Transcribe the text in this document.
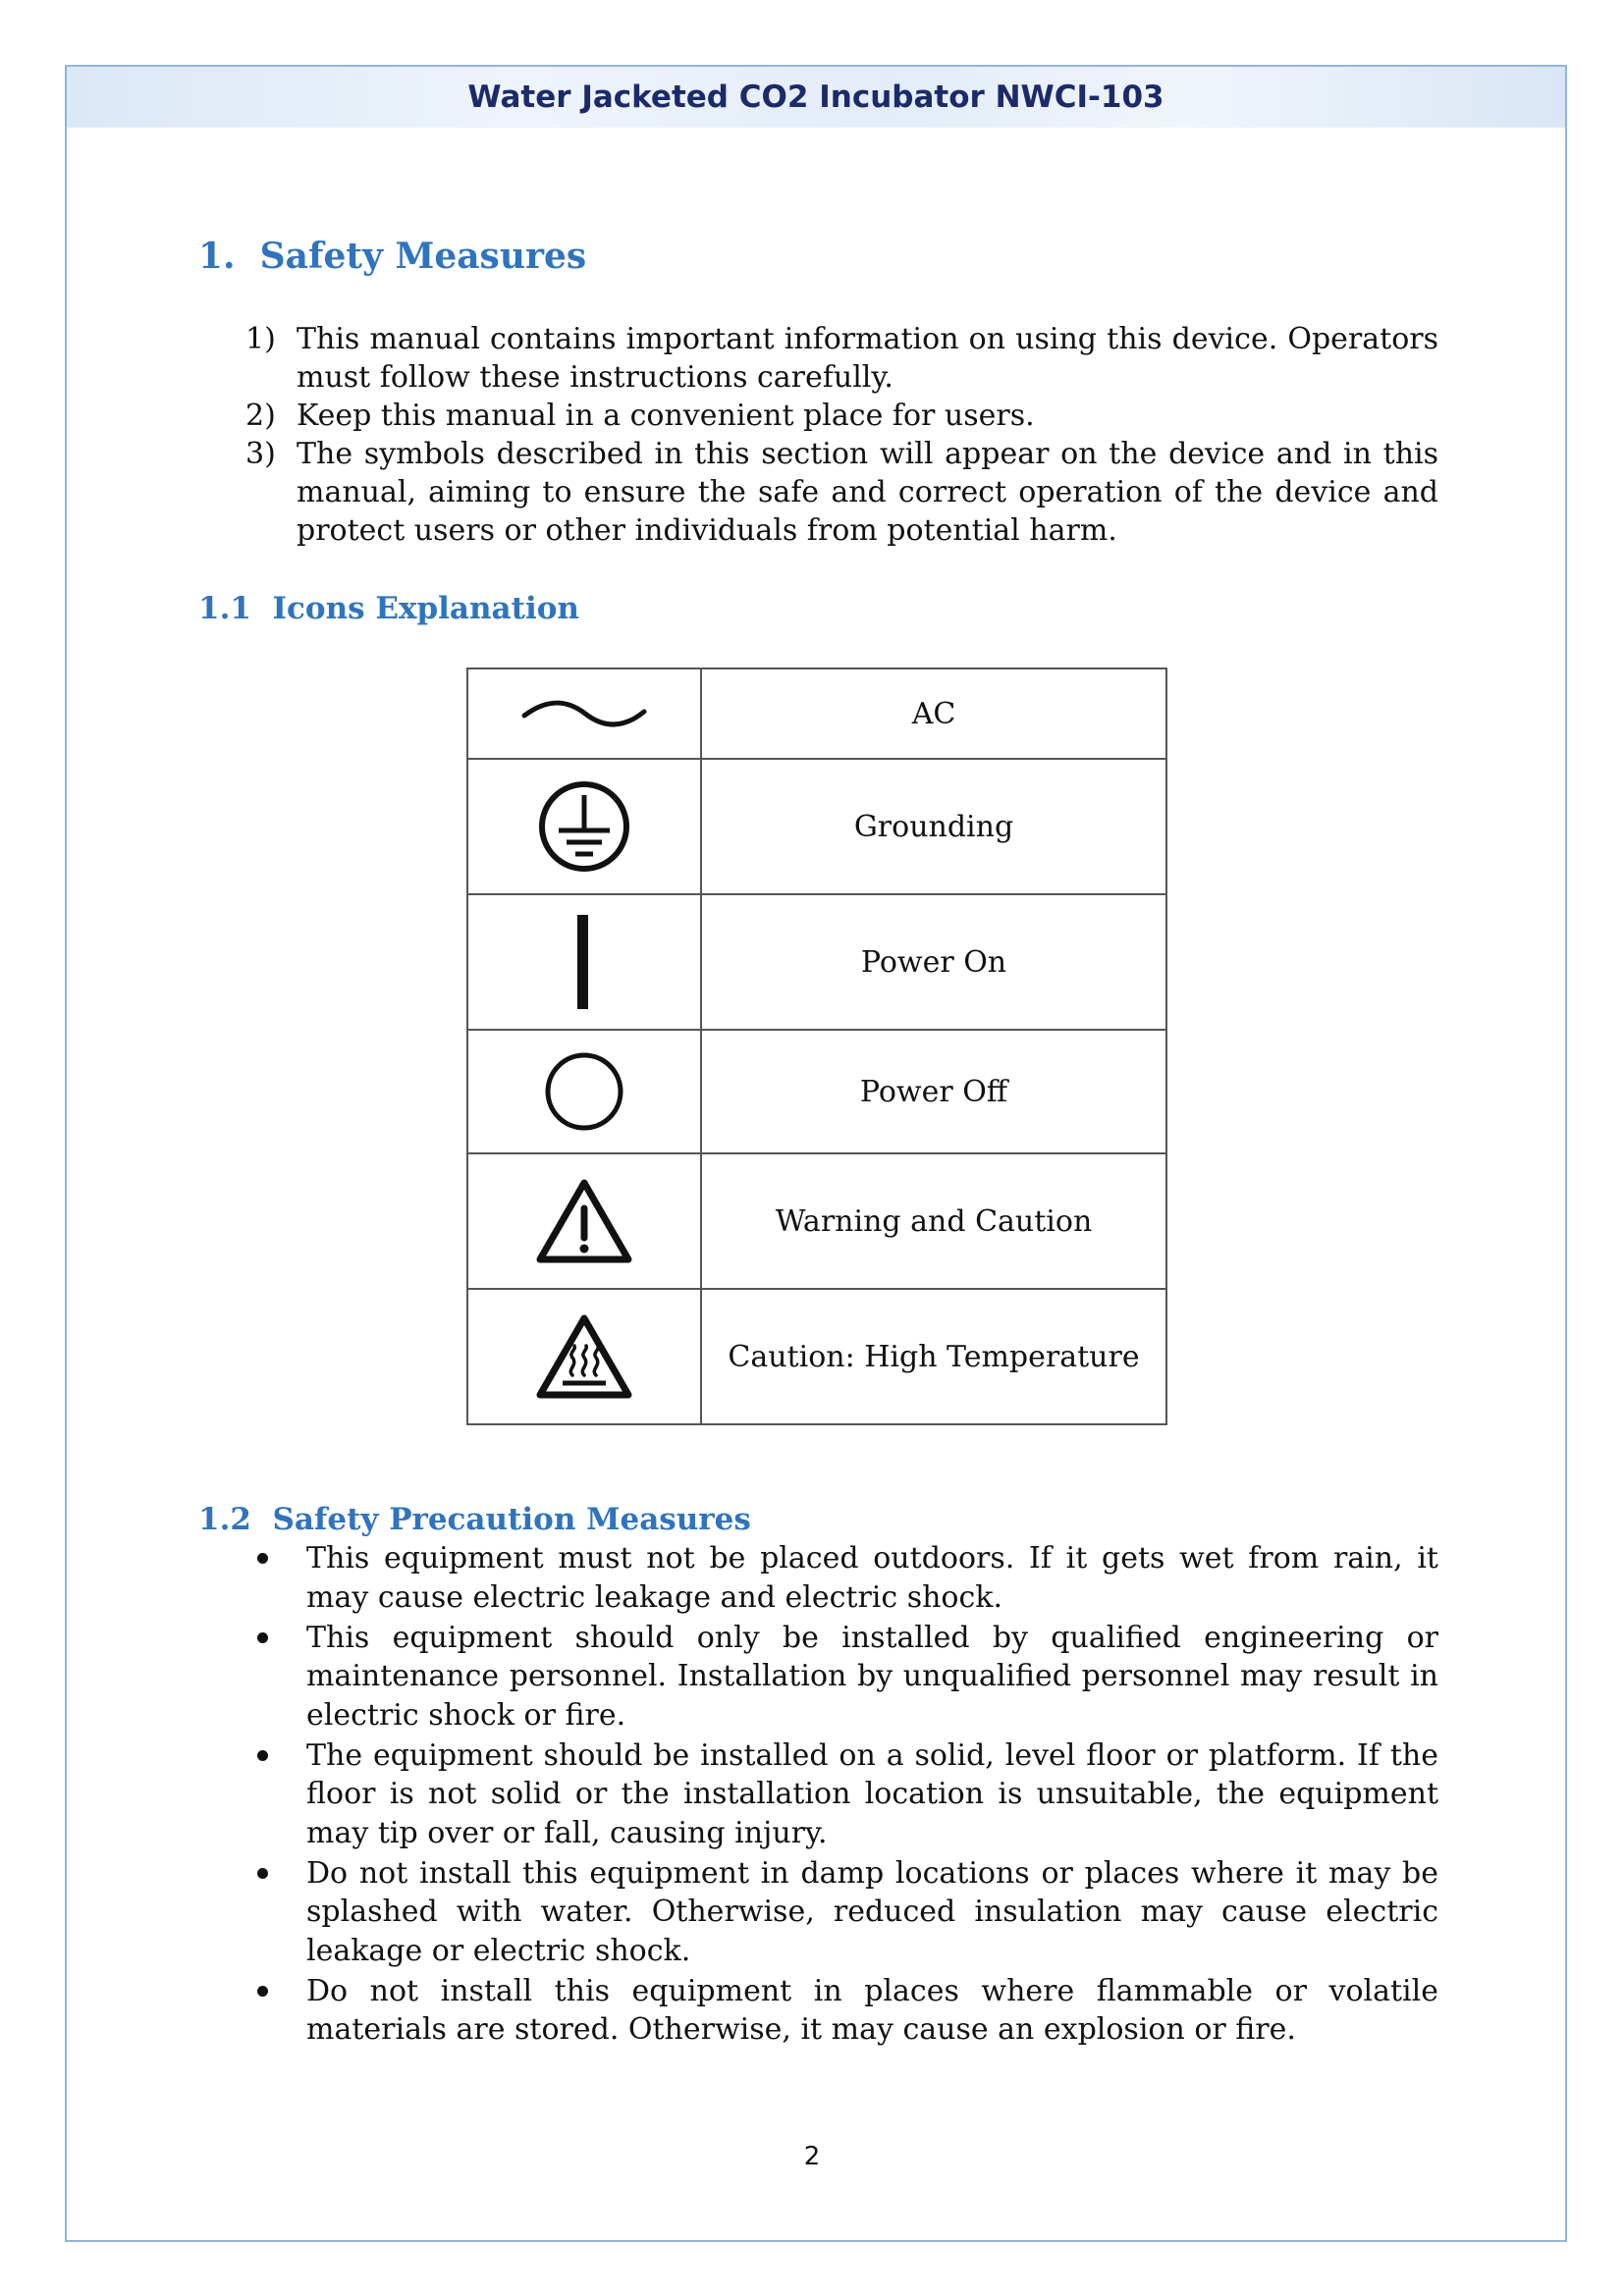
Water Jacketed CO2 Incubator NWCI-103
1. Safety Measures
1) This manual contains important information on using this device. Operators must follow these instructions carefully.
2) Keep this manual in a convenient place for users.
3) The symbols described in this section will appear on the device and in this manual, aiming to ensure the safe and correct operation of the device and protect users or other individuals from potential harm.
1.1 Icons Explanation
	AC

	Grounding

	Power On

	Power Off

	Warning and Caution

	Caution: High Temperature
1.2 Safety Precaution Measures
This equipment must not be placed outdoors. If it gets wet from rain, it may cause electric leakage and electric shock.
This equipment should only be installed by qualified engineering or maintenance personnel. Installation by unqualified personnel may result in electric shock or fire.
The equipment should be installed on a solid, level floor or platform. If the floor is not solid or the installation location is unsuitable, the equipment may tip over or fall, causing injury.
Do not install this equipment in damp locations or places where it may be splashed with water. Otherwise, reduced insulation may cause electric leakage or electric shock.
Do not install this equipment in places where flammable or volatile materials are stored. Otherwise, it may cause an explosion or fire.
2
